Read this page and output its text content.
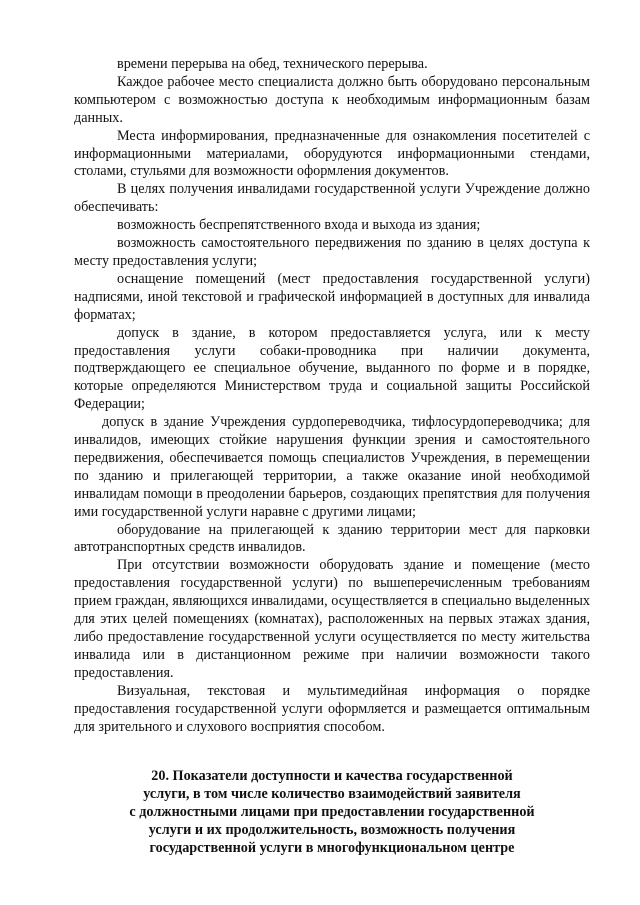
времени перерыва на обед, технического перерыва.

Каждое рабочее место специалиста должно быть оборудовано персональным компьютером с возможностью доступа к необходимым информационным базам данных.

Места информирования, предназначенные для ознакомления посетителей с информационными материалами, оборудуются информационными стендами, столами, стульями для возможности оформления документов.

В целях получения инвалидами государственной услуги Учреждение должно обеспечивать:

возможность беспрепятственного входа и выхода из здания;

возможность самостоятельного передвижения по зданию в целях доступа к месту предоставления услуги;

оснащение помещений (мест предоставления государственной услуги) надписями, иной текстовой и графической информацией в доступных для инвалида форматах;

допуск в здание, в котором предоставляется услуга, или к месту предоставления услуги собаки-проводника при наличии документа, подтверждающего ее специальное обучение, выданного по форме и в порядке, которые определяются Министерством труда и социальной защиты Российской Федерации;

допуск в здание Учреждения сурдопереводчика, тифлосурдопереводчика; для инвалидов, имеющих стойкие нарушения функции зрения и самостоятельного передвижения, обеспечивается помощь специалистов Учреждения, в перемещении по зданию и прилегающей территории, а также оказание иной необходимой инвалидам помощи в преодолении барьеров, создающих препятствия для получения ими государственной услуги наравне с другими лицами;

оборудование на прилегающей к зданию территории мест для парковки автотранспортных средств инвалидов.

При отсутствии возможности оборудовать здание и помещение (место предоставления государственной услуги) по вышеперечисленным требованиям прием граждан, являющихся инвалидами, осуществляется в специально выделенных для этих целей помещениях (комнатах), расположенных на первых этажах здания, либо предоставление государственной услуги осуществляется по месту жительства инвалида или в дистанционном режиме при наличии возможности такого предоставления.

Визуальная, текстовая и мультимедийная информация о порядке предоставления государственной услуги оформляется и размещается оптимальным для зрительного и слухового восприятия способом.

20. Показатели доступности и качества государственной
услуги, в том числе количество взаимодействий заявителя
с должностными лицами при предоставлении государственной
услуги и их продолжительность, возможность получения
государственной услуги в многофункциональном центре
